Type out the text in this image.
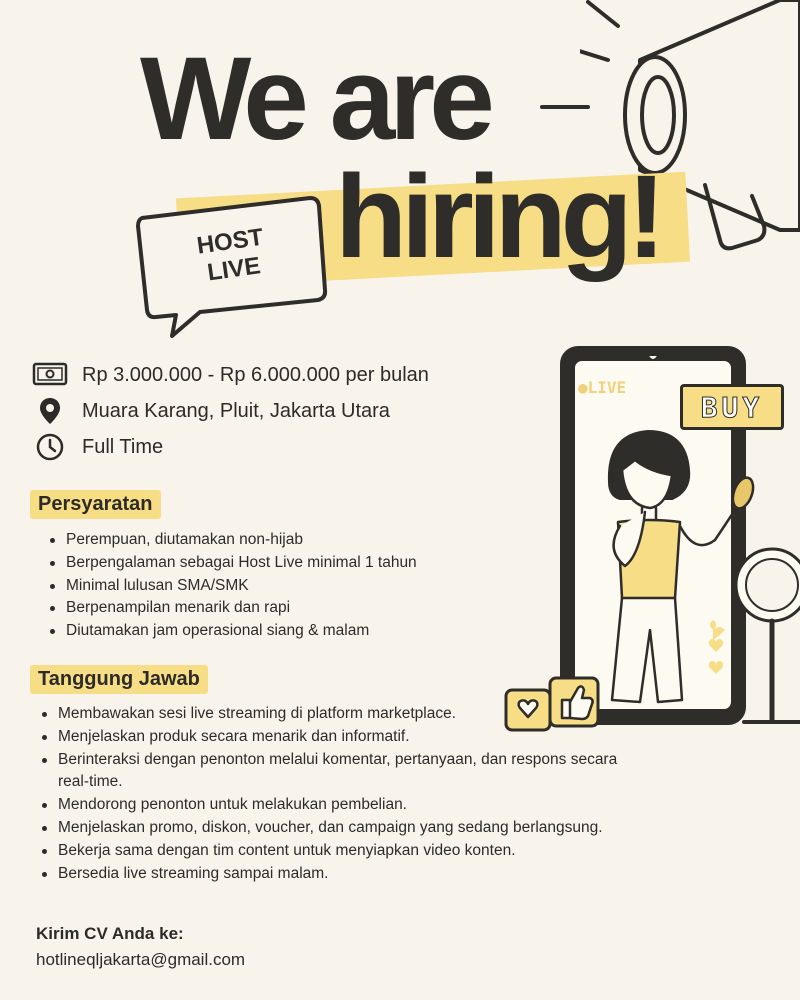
We are
hiring!
HOST
LIVE
Rp 3.000.000 - Rp 6.000.000 per bulan
Muara Karang, Pluit, Jakarta Utara
Full Time
Persyaratan
Perempuan, diutamakan non-hijab
Berpengalaman sebagai Host Live minimal 1 tahun
Minimal lulusan SMA/SMK
Berpenampilan menarik dan rapi
Diutamakan jam operasional siang & malam
Tanggung Jawab
Membawakan sesi live streaming di platform marketplace.
Menjelaskan produk secara menarik dan informatif.
Berinteraksi dengan penonton melalui komentar, pertanyaan, dan respons secara real-time.
Mendorong penonton untuk melakukan pembelian.
Menjelaskan promo, diskon, voucher, dan campaign yang sedang berlangsung.
Bekerja sama dengan tim content untuk menyiapkan video konten.
Bersedia live streaming sampai malam.
Kirim CV Anda ke:
hotlineqljakarta@gmail.com
●LIVE
BUY
